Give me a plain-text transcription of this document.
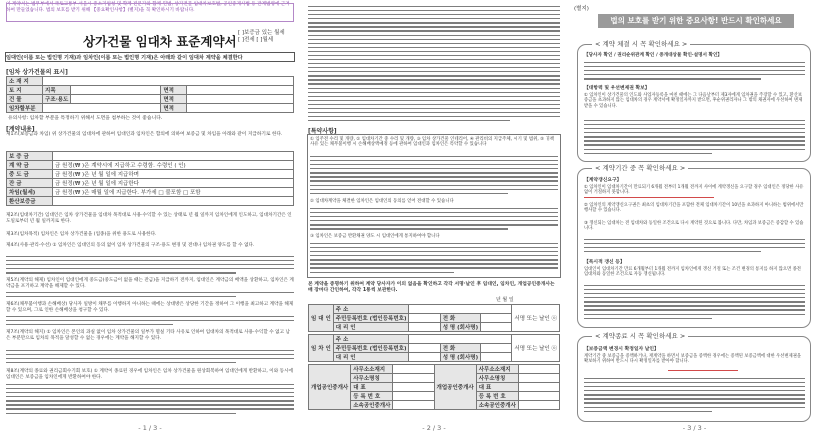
이 계약서는 법무부에서 국토교통부·서울시·중소기업청 및 학계 전문가와 함께 민법, 상가건물 임대차보호법, 공인중개사법 등 관계법령에 근거하여 만들었습니다. 법의 보호를 받기 위해 【중요확인사항】(별지)을 꼭 확인하시기 바랍니다.
상가건물 임대차 표준계약서
[ ]보증금 있는 월세
[ ]전세 [ ]월세
임대인(이름 또는 법인명 기재)과 임차인(이름 또는 법인명 기재)은 아래와 같이 임대차 계약을 체결한다
[임차 상가건물의 표시]
소 재 지				
토 지	지목		면적	
건 물	구조·용도		면적	
임차할부분			면적	
유의사항: 임차할 부분을 특정하기 위해서 도면을 첨부하는 것이 좋습니다.
[계약내용]
제1조(보증금과 차임) 위 상가건물의 임대차에 관하여 임대인과 임차인은 합의에 의하여 보증금 및 차임을 아래와 같이 지급하기로 한다.
보 증 금	
계 약 금	금 원정(₩ )은 계약시에 지급하고 수령함. 수령인 ( 인)
중 도 금	금 원정(₩ )은 년 월 일에 지급하며
잔 금	금 원정(₩ )은 년 월 일에 지급한다
차임(월세)	금 원정(₩ )은 매월 일에 지급한다. 부가세 □ 불포함 □ 포함
환산보증금	
제2조(임대차기간) 임대인은 임차 상가건물을 임대차 목적대로 사용·수익할 수 있는 상태로 년 월 일까지 임차인에게 인도하고, 임대차기간은 인도일로부터 년 월 일까지로 한다.
제3조(임차목적) 임차인은 임차 상가건물을 (업종)을 위한 용도로 사용한다.
제4조(사용·관리·수선) ① 임차인은 임대인의 동의 없이 임차 상가건물의 구조·용도 변경 및 전대나 임차권 양도를 할 수 없다.
제5조(계약의 해제) 임차인이 임대인에게 중도금(중도금이 없을 때는 잔금)을 지급하기 전까지, 임대인은 계약금의 배액을 상환하고, 임차인은 계약금을 포기하고 계약을 해제할 수 있다.
제6조(채무불이행과 손해배상) 당사자 일방이 채무를 이행하지 아니하는 때에는 상대방은 상당한 기간을 정하여 그 이행을 최고하고 계약을 해제할 수 있으며, 그로 인한 손해배상을 청구할 수 있다.
제7조(계약의 해지) ① 임차인은 본인의 과실 없이 임차 상가건물의 일부가 멸실 기타 사유로 인하여 임대차의 목적대로 사용·수익할 수 없고 남은 부분만으로 임차의 목적을 달성할 수 없는 경우에는 계약을 해지할 수 있다.
제8조(계약의 종료와 권리금회수기회 보호) ① 계약이 종료된 경우에 임차인은 임차 상가건물을 원상회복하여 임대인에게 반환하고, 이와 동시에 임대인은 보증금을 임차인에게 반환하여야 한다.
- 1 / 3 -
[특약사항]
① 입주전 수리 및 개량, ② 임대차기간 중 수리 및 개량, ③ 임차 상가건물 인테리어, ④ 관리비의 지급주체, 시기 및 범위, ⑤ 귀책사유 있는 채무불이행 시 손해배상액예정 등에 관하여 임대인과 임차인은 특약할 수 있습니다
② 임대차계약을 체결한 임차인은 임대인의 동의를 얻어 전대할 수 있습니다
③ 임차인은 보증금 반환채권 양도 시 임대인에게 통지하여야 합니다
본 계약을 증명하기 위하여 계약 당사자가 이의 없음을 확인하고 각각 서명·날인 후 임대인, 임차인, 개업공인중개사는 매 장마다 간인하여, 각각 1통씩 보관한다.
년 월 일
임 대 인	주 소				서명 또는 날인 ⓞ
	주민등록번호 (법인등록번호)		전 화		
	대 리 인		성 명 (회사명)		
임 차 인	주 소				서명 또는 날인 ⓞ
	주민등록번호 (법인등록번호)		전 화		
	대 리 인		성 명 (회사명)		
개업공인중개사	사무소소재지		개업공인중개사	사무소소재지	
	사무소명칭			사무소명칭	
	대 표			대 표	
	등 록 번 호			등 록 번 호	
	소속공인중개사			소속공인중개사	
- 2 / 3 -
(별지)
법의 보호를 받기 위한 중요사항! 반드시 확인하세요
< 계약 체결 시 꼭 확인하세요 >
【당사자 확인 / 권리순위관계 확인 / 중개대상물 확인·설명서 확인】
【대항력 및 우선변제권 확보】
① 임차인이 상가건물의 인도와 사업자등록을 마친 때에는 그 다음날부터 제3자에게 임차권을 주장할 수 있고, 환산보증금을 초과하지 않는 임대차의 경우 계약서에 확정일자까지 받으면, 후순위권리자나 그 밖의 채권자에 우선하여 변제받을 수 있습니다.
< 계약기간 중 꼭 확인하세요 >
【계약갱신요구】
① 임차인이 임대차기간이 만료되기 6개월 전부터 1개월 전까지 사이에 계약갱신을 요구할 경우 임대인은 정당한 사유 없이 거절하지 못합니다.
② 임차인의 계약갱신요구권은 최초의 임대차기간을 포함한 전체 임대차기간이 10년을 초과하지 아니하는 범위에서만 행사할 수 있습니다.
③ 갱신되는 임대차는 전 임대차와 동일한 조건으로 다시 계약된 것으로 봅니다. 다만, 차임과 보증금은 증감할 수 있습니다.
【묵시적 갱신 등】
임대인이 임대차기간 만료 6개월부터 1개월 전까지 임차인에게 갱신 거절 또는 조건 변경의 통지를 하지 않으면 종전 임대차와 동일한 조건으로 자동 갱신됩니다.
< 계약종료 시 꼭 확인하세요 >
【보증금액 변경시 확정일자 날인】
계약기간 중 보증금을 증액하거나, 재계약을 하면서 보증금을 증액한 경우에는 증액된 보증금액에 대한 우선변제권을 확보하기 위하여 반드시 다시 확정일자를 받아야 합니다.
- 3 / 3 -
